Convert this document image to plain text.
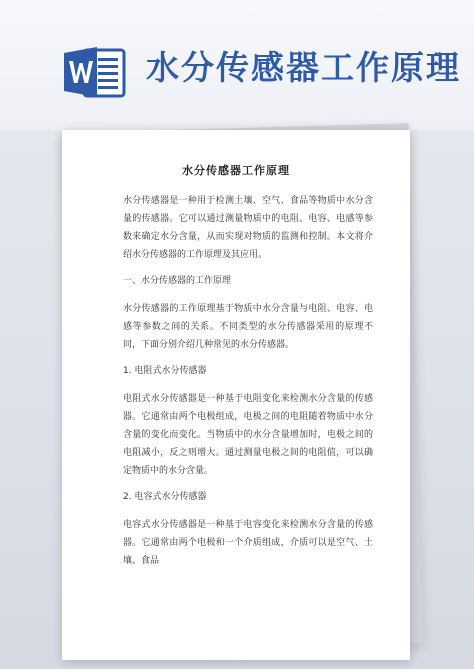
水分传感器工作原理
水分传感器工作原理

水分传感器是一种用于检测土壤、空气、食品等物质中水分含量的传感器。它可以通过测量物质中的电阻、电容、电感等参数来确定水分含量，从而实现对物质的监测和控制。本文将介绍水分传感器的工作原理及其应用。

一、水分传感器的工作原理

水分传感器的工作原理基于物质中水分含量与电阻、电容、电感等参数之间的关系。不同类型的水分传感器采用的原理不同，下面分别介绍几种常见的水分传感器。

1. 电阻式水分传感器

电阻式水分传感器是一种基于电阻变化来检测水分含量的传感器。它通常由两个电极组成，电极之间的电阻随着物质中水分含量的变化而变化。当物质中的水分含量增加时，电极之间的电阻减小，反之则增大。通过测量电极之间的电阻值，可以确定物质中的水分含量。

2. 电容式水分传感器

电容式水分传感器是一种基于电容变化来检测水分含量的传感器。它通常由两个电极和一个介质组成，介质可以是空气、土壤、食品
